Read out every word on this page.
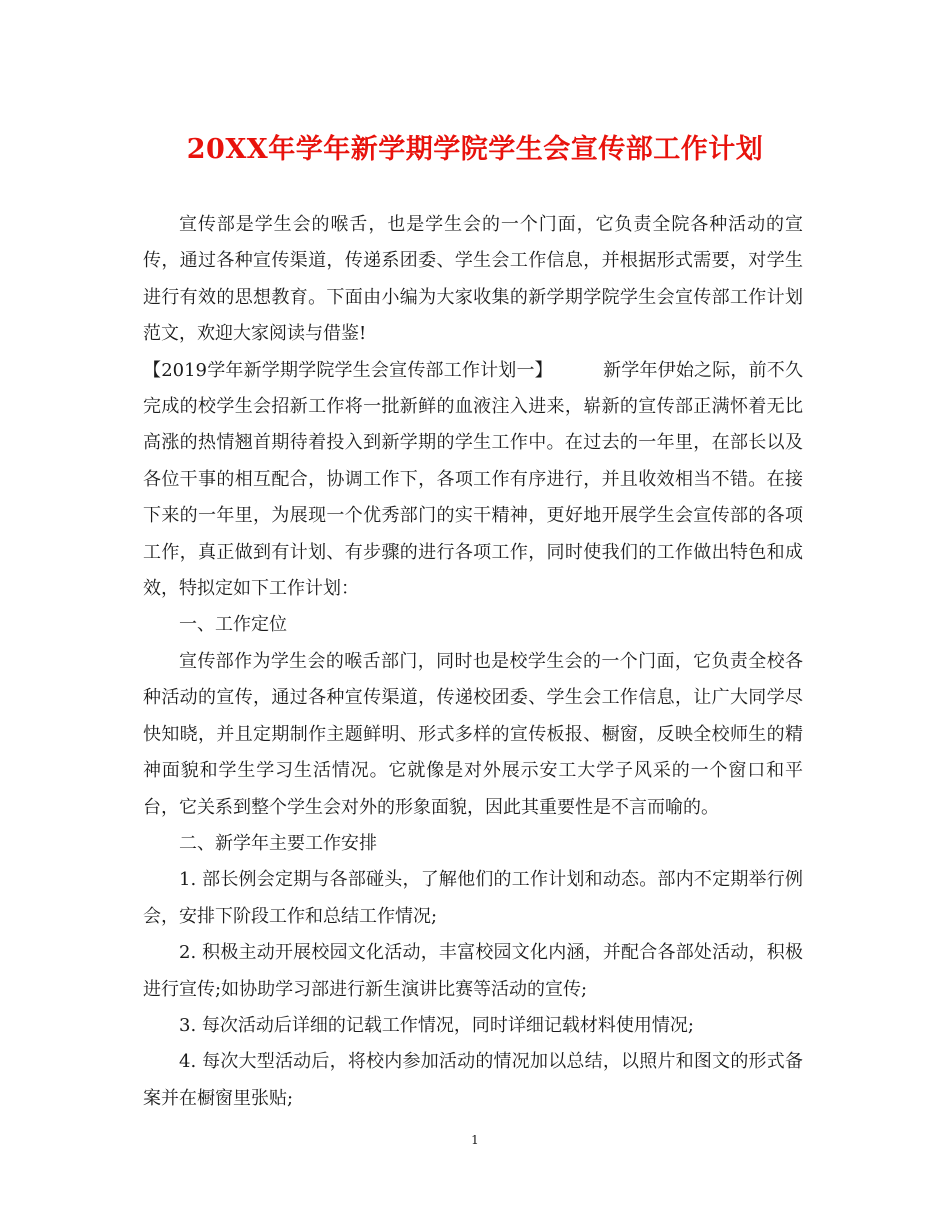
20XX年学年新学期学院学生会宣传部工作计划

宣传部是学生会的喉舌，也是学生会的一个门面，它负责全院各种活动的宣传，通过各种宣传渠道，传递系团委、学生会工作信息，并根据形式需要，对学生进行有效的思想教育。下面由小编为大家收集的新学期学院学生会宣传部工作计划范文，欢迎大家阅读与借鉴!

【2019学年新学期学院学生会宣传部工作计划一】	新学年伊始之际，前不久完成的校学生会招新工作将一批新鲜的血液注入进来，崭新的宣传部正满怀着无比高涨的热情翘首期待着投入到新学期的学生工作中。在过去的一年里，在部长以及各位干事的相互配合，协调工作下，各项工作有序进行，并且收效相当不错。在接下来的一年里，为展现一个优秀部门的实干精神，更好地开展学生会宣传部的各项工作，真正做到有计划、有步骤的进行各项工作，同时使我们的工作做出特色和成效，特拟定如下工作计划：

一、工作定位

宣传部作为学生会的喉舌部门，同时也是校学生会的一个门面，它负责全校各种活动的宣传，通过各种宣传渠道，传递校团委、学生会工作信息，让广大同学尽快知晓，并且定期制作主题鲜明、形式多样的宣传板报、橱窗，反映全校师生的精神面貌和学生学习生活情况。它就像是对外展示安工大学子风采的一个窗口和平台，它关系到整个学生会对外的形象面貌，因此其重要性是不言而喻的。

二、新学年主要工作安排

1. 部长例会定期与各部碰头，了解他们的工作计划和动态。部内不定期举行例会，安排下阶段工作和总结工作情况;

2. 积极主动开展校园文化活动，丰富校园文化内涵，并配合各部处活动，积极进行宣传;如协助学习部进行新生演讲比赛等活动的宣传;

3. 每次活动后详细的记载工作情况，同时详细记载材料使用情况;

4. 每次大型活动后，将校内参加活动的情况加以总结，以照片和图文的形式备案并在橱窗里张贴;

1
